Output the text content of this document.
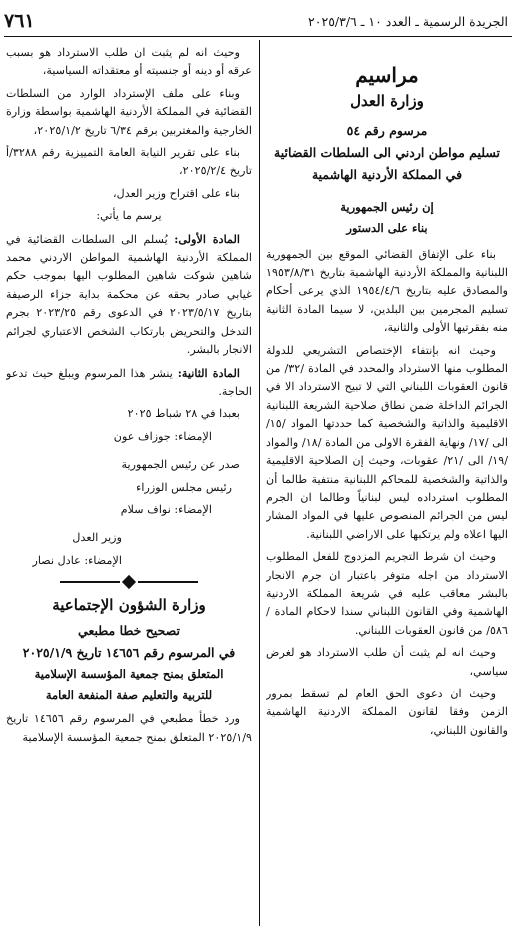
٧٦١	الجريدة الرسمية ـ العدد ١٠ ـ ٢٠٢٥/٣/٦
مراسيم
وزارة العدل
مرسوم رقم ٥٤
تسليم مواطن اردني الى السلطات القضائية
في المملكة الأردنية الهاشمية
إن رئيس الجمهورية
بناء على الدستور

بناء على الإتفاق القضائي الموقع بين الجمهورية اللبنانية والمملكة الأردنية الهاشمية بتاريخ ١٩٥٣/٨/٣١ والمصادق عليه بتاريخ ١٩٥٤/٤/٦ الذي يرعى أحكام تسليم المجرمين بين البلدين، لا سيما المادة الثانية منه بفقرتيها الأولى والثانية،

وحيث انه بإنتفاء الإختصاص التشريعي للدولة المطلوب منها الاسترداد والمحدد في المادة /٣٢/ من قانون العقوبات اللبناني التي لا تبيح الاسترداد الا في الجرائم الداخلة ضمن نطاق صلاحية الشريعة اللبنانية الاقليمية والذاتية والشخصية كما حددتها المواد /١٥/ الى /١٧/ ونهاية الفقرة الاولى من المادة /١٨/ والمواد /١٩/ الى /٢١/ عقوبات، وحيث إن الصلاحية الاقليمية والذاتية والشخصية للمحاكم اللبنانية منتفية طالما أن المطلوب استرداده ليس لبنانياً وطالما ان الجرم ليس من الجرائم المنصوص عليها في المواد المشار اليها اعلاه ولم يرتكبها على الاراضي اللبنانية.

وحيث ان شرط التجريم المزدوج للفعل المطلوب الاسترداد من اجله متوفر باعتبار ان جرم الانجار بالبشر معاقب عليه في شريعة المملكة الاردنية الهاشمية وفي القانون اللبناني سندا لاحكام المادة / ٥٨٦/ من قانون العقوبات اللبناني.

وحيث انه لم يثبت أن طلب الاسترداد هو لغرض سياسي،

وحيث ان دعوى الحق العام لم تسقط بمرور الزمن وفقا لقانون المملكة الاردنية الهاشمية والقانون اللبناني،

وحيث انه لم يثبت ان طلب الاسترداد هو بسبب عرقه أو دينه أو جنسيته أو معتقداته السياسية،

وبناء على ملف الإسترداد الوارد من السلطات القضائية في المملكة الأردنية الهاشمية بواسطة وزارة الخارجية والمغتربين برقم ٦/٣٤ تاريخ ٢٠٢٥/١/٢،

بناء على تقرير النيابة العامة التمييزية رقم ٣٢٨٨/أ تاريخ ٢٠٢٥/٢/٤،

بناء على اقتراح وزير العدل،

يرسم ما يأتي:

المادة الأولى: يُسلم الى السلطات القضائية في المملكة الأردنية الهاشمية المواطن الاردني محمد شاهين شوكت شاهين المطلوب اليها بموجب حكم غيابي صادر بحقه عن محكمة بداية جزاء الرصيفة بتاريخ ٢٠٢٣/٥/١٧ في الدعوى رقم ٢٠٢٣/٢٥ بجرم التدخل والتحريض بارتكاب الشخص الاعتباري لجرائم الانجار بالبشر.

المادة الثانية: ينشر هذا المرسوم ويبلغ حيث تدعو الحاجة.

بعبدا في ٢٨ شباط ٢٠٢٥

الإمضاء: جوزاف عون

صدر عن رئيس الجمهورية

رئيس مجلس الوزراء

الإمضاء: نواف سلام

وزير العدل

الإمضاء: عادل نصار

وزارة الشؤون الإجتماعية
تصحيح خطا مطبعي
في المرسوم رقم ١٤٦٥٦ تاريخ ٢٠٢٥/١/٩
المتعلق بمنح جمعية المؤسسة الإسلامية
للتربية والتعليم صفة المنفعة العامة

ورد خطأ مطبعي في المرسوم رقم ١٤٦٥٦ تاريخ ٢٠٢٥/١/٩ المتعلق بمنح جمعية المؤسسة الإسلامية
